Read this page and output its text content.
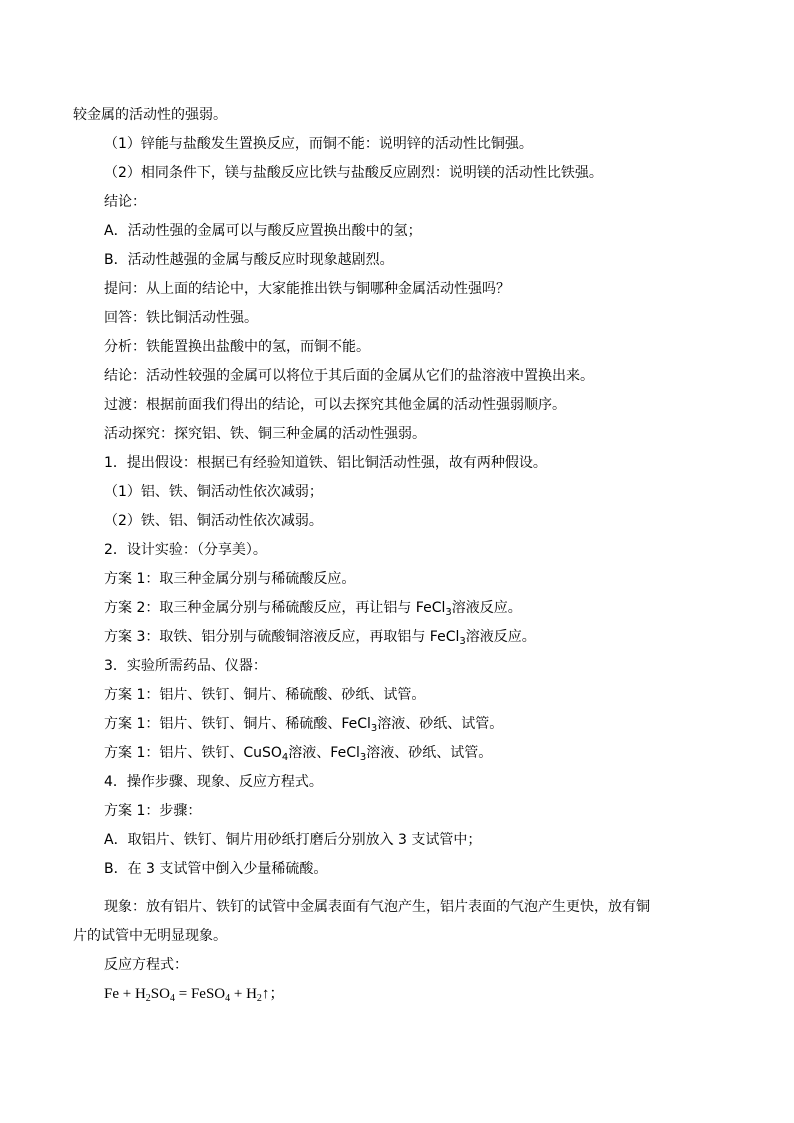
较金属的活动性的强弱。
（1）锌能与盐酸发生置换反应，而铜不能：说明锌的活动性比铜强。
（2）相同条件下，镁与盐酸反应比铁与盐酸反应剧烈：说明镁的活动性比铁强。
结论：
A．活动性强的金属可以与酸反应置换出酸中的氢；
B．活动性越强的金属与酸反应时现象越剧烈。
提问：从上面的结论中，大家能推出铁与铜哪种金属活动性强吗？
回答：铁比铜活动性强。
分析：铁能置换出盐酸中的氢，而铜不能。
结论：活动性较强的金属可以将位于其后面的金属从它们的盐溶液中置换出来。
过渡：根据前面我们得出的结论，可以去探究其他金属的活动性强弱顺序。
活动探究：探究铝、铁、铜三种金属的活动性强弱。
1．提出假设：根据已有经验知道铁、铝比铜活动性强，故有两种假设。
（1）铝、铁、铜活动性依次减弱；
（2）铁、铝、铜活动性依次减弱。
2．设计实验：（分享美）。
方案 1：取三种金属分别与稀硫酸反应。
方案 2：取三种金属分别与稀硫酸反应，再让铝与 FeCl$_3$溶液反应。
方案 3：取铁、铝分别与硫酸铜溶液反应，再取铝与 FeCl$_3$溶液反应。
3．实验所需药品、仪器：
方案 1：铝片、铁钉、铜片、稀硫酸、砂纸、试管。
方案 1：铝片、铁钉、铜片、稀硫酸、FeCl$_3$溶液、砂纸、试管。
方案 1：铝片、铁钉、CuSO$_4$溶液、FeCl$_3$溶液、砂纸、试管。
4．操作步骤、现象、反应方程式。
方案 1：步骤：
A．取铝片、铁钉、铜片用砂纸打磨后分别放入 3 支试管中；
B．在 3 支试管中倒入少量稀硫酸。
现象：放有铝片、铁钉的试管中金属表面有气泡产生，铝片表面的气泡产生更快，放有铜
片的试管中无明显现象。
反应方程式：
$Fe + H_2SO_4$ = FeSO$_4$ + $H_2↑$；
